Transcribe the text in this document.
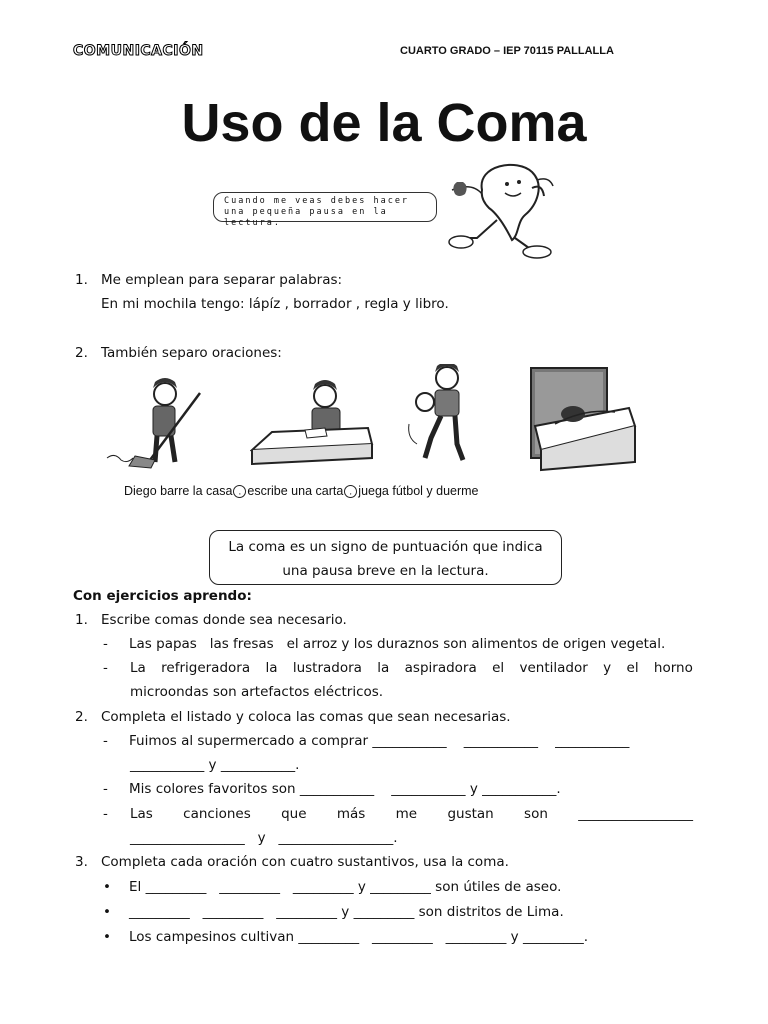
COMUNICACIÓN	CUARTO GRADO – IEP 70115 PALLALLA
Uso de la Coma
Cuando me veas debes hacer
una pequeña pausa en la lectura.
1. Me emplean para separar palabras:
En mi mochila tengo: lápíz , borrador , regla y libro.
2. También separo oraciones:
Diego barre la casa , escribe una carta , juega fútbol y duerme
La coma es un signo de puntuación que indica
una pausa breve en la lectura.
Con ejercicios aprendo:
1. Escribe comas donde sea necesario.
- Las papas   las fresas   el arroz y los duraznos son alimentos de origen vegetal.
-	La refrigeradora la lustradora la aspiradora el ventilador y el horno
microondas son artefactos eléctricos.
2. Completa el listado y coloca las comas que sean necesarias.
- Fuimos al supermercado a comprar ___________    ___________    ___________
___________ y ___________.
- Mis colores favoritos son ___________    ___________ y ___________.
-	Las canciones que más me gustan son _________________
_________________   y   _________________.
3. Completa cada oración con cuatro sustantivos, usa la coma.
• El _________   _________   _________ y _________ son útiles de aseo.
• _________   _________   _________ y _________ son distritos de Lima.
• Los campesinos cultivan _________   _________   _________ y _________.
